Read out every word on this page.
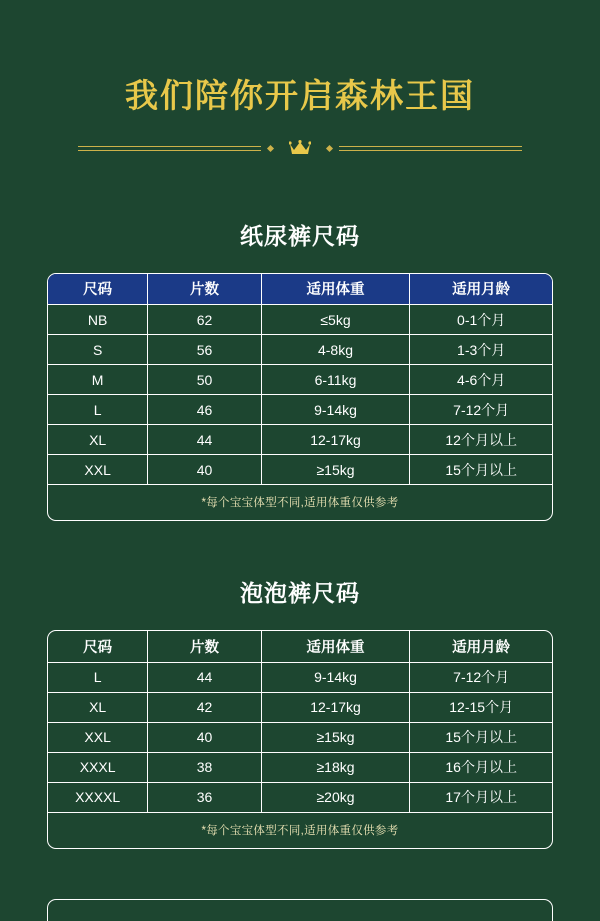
我们陪你开启森林王国
纸尿裤尺码
尺码	片数	适用体重	适用月龄
NB	62	≤5kg	0-1个月
S	56	4-8kg	1-3个月
M	50	6-11kg	4-6个月
L	46	9-14kg	7-12个月
XL	44	12-17kg	12个月以上
XXL	40	≥15kg	15个月以上
*每个宝宝体型不同,适用体重仅供参考
泡泡裤尺码
尺码	片数	适用体重	适用月龄
L	44	9-14kg	7-12个月
XL	42	12-17kg	12-15个月
XXL	40	≥15kg	15个月以上
XXXL	38	≥18kg	16个月以上
XXXXL	36	≥20kg	17个月以上
*每个宝宝体型不同,适用体重仅供参考
